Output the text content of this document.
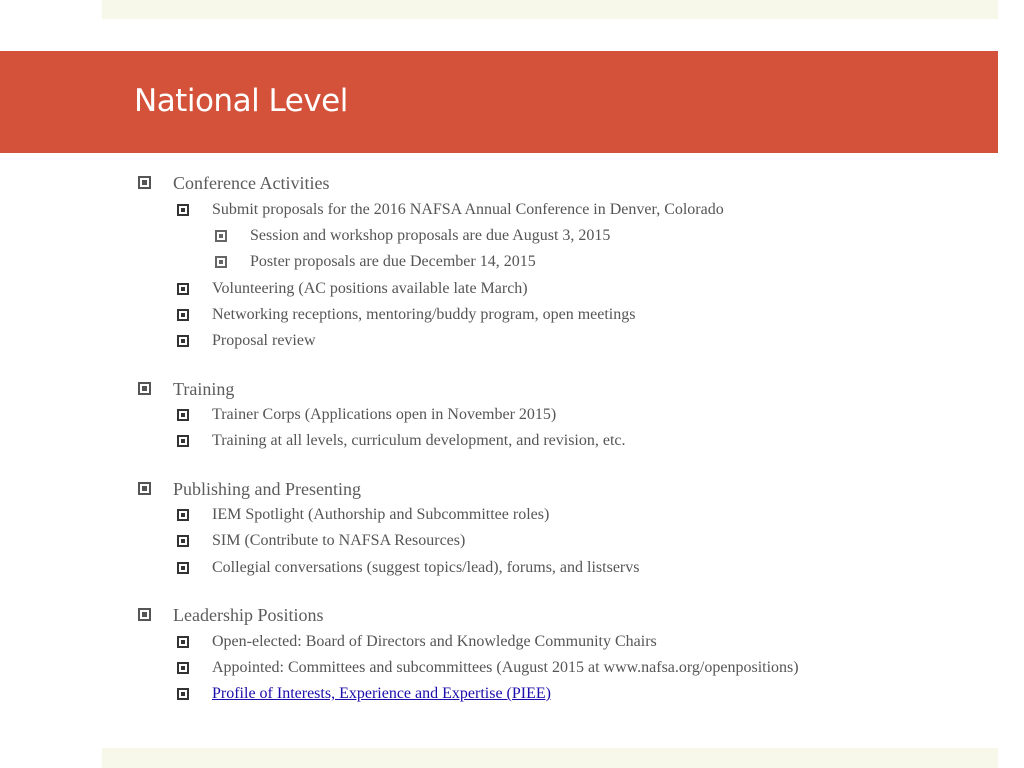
National Level
Conference Activities
Submit proposals for the 2016 NAFSA Annual Conference in Denver, Colorado
Session and workshop proposals are due August 3, 2015
Poster proposals are due December 14, 2015
Volunteering (AC positions available late March)
Networking receptions, mentoring/buddy program, open meetings
Proposal review
Training
Trainer Corps (Applications open in November 2015)
Training at all levels, curriculum development, and revision, etc.
Publishing and Presenting
IEM Spotlight (Authorship and Subcommittee roles)
SIM (Contribute to NAFSA Resources)
Collegial conversations (suggest topics/lead), forums, and listservs
Leadership Positions
Open-elected: Board of Directors and Knowledge Community Chairs
Appointed: Committees and subcommittees (August 2015 at www.nafsa.org/openpositions)
Profile of Interests, Experience and Expertise (PIEE)
